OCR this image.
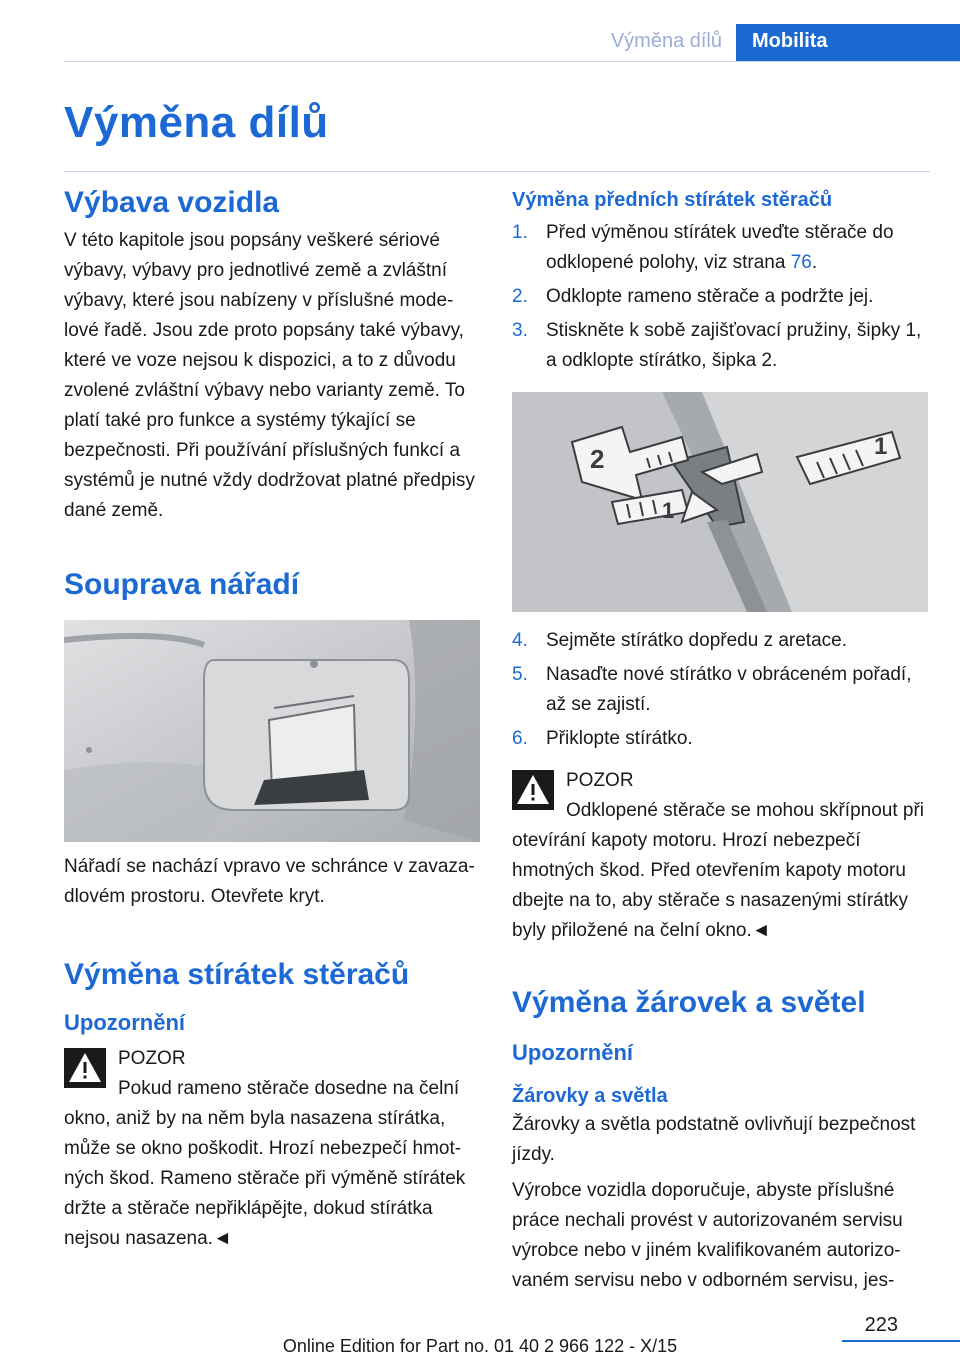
Výměna dílů	Mobilita
Výměna dílů
Výbava vozidla

V této kapitole jsou popsány veškeré sériové výbavy, výbavy pro jednotlivé země a zvláštní výbavy, které jsou nabízeny v příslušné modelové řadě. Jsou zde proto popsány také výbavy, které ve voze nejsou k dispozici, a to z důvodu zvolené zvláštní výbavy nebo varianty země. To platí také pro funkce a systémy týkající se bezpečnosti. Při používání příslušných funkcí a systémů je nutné vždy dodržovat platné předpisy dané země.

Souprava nářadí

Nářadí se nachází vpravo ve schránce v zavazadlovém prostoru. Otevřete kryt.

Výměna stírátek stěračů
Upozornění
POZOR
Pokud rameno stěrače dosedne na čelní okno, aniž by na něm byla nasazena stírátka, může se okno poškodit. Hrozí nebezpečí hmotných škod. Rameno stěrače při výměně stírátek držte a stěrače nepřiklápějte, dokud stírátka nejsou nasazena.◄
Výměna předních stírátek stěračů
1. Před výměnou stírátek uveďte stěrače do odklopené polohy, viz strana 76.
2. Odklopte rameno stěrače a podržte jej.
3. Stiskněte k sobě zajišťovací pružiny, šipky 1, a odklopte stírátko, šipka 2.
2	1
1
4. Sejměte stírátko dopředu z aretace.
5. Nasaďte nové stírátko v obráceném pořadí, až se zajistí.
6. Přiklopte stírátko.
POZOR
Odklopené stěrače se mohou skřípnout při otevírání kapoty motoru. Hrozí nebezpečí hmotných škod. Před otevřením kapoty motoru dbejte na to, aby stěrače s nasazenými stírátky byly přiložené na čelní okno.◄
Výměna žárovek a světel
Upozornění
Žárovky a světla

Žárovky a světla podstatně ovlivňují bezpečnost jízdy.

Výrobce vozidla doporučuje, abyste příslušné práce nechali provést v autorizovaném servisu výrobce nebo v jiném kvalifikovaném autorizovaném servisu nebo v odborném servisu, jes-

223
Online Edition for Part no. 01 40 2 966 122 - X/15
